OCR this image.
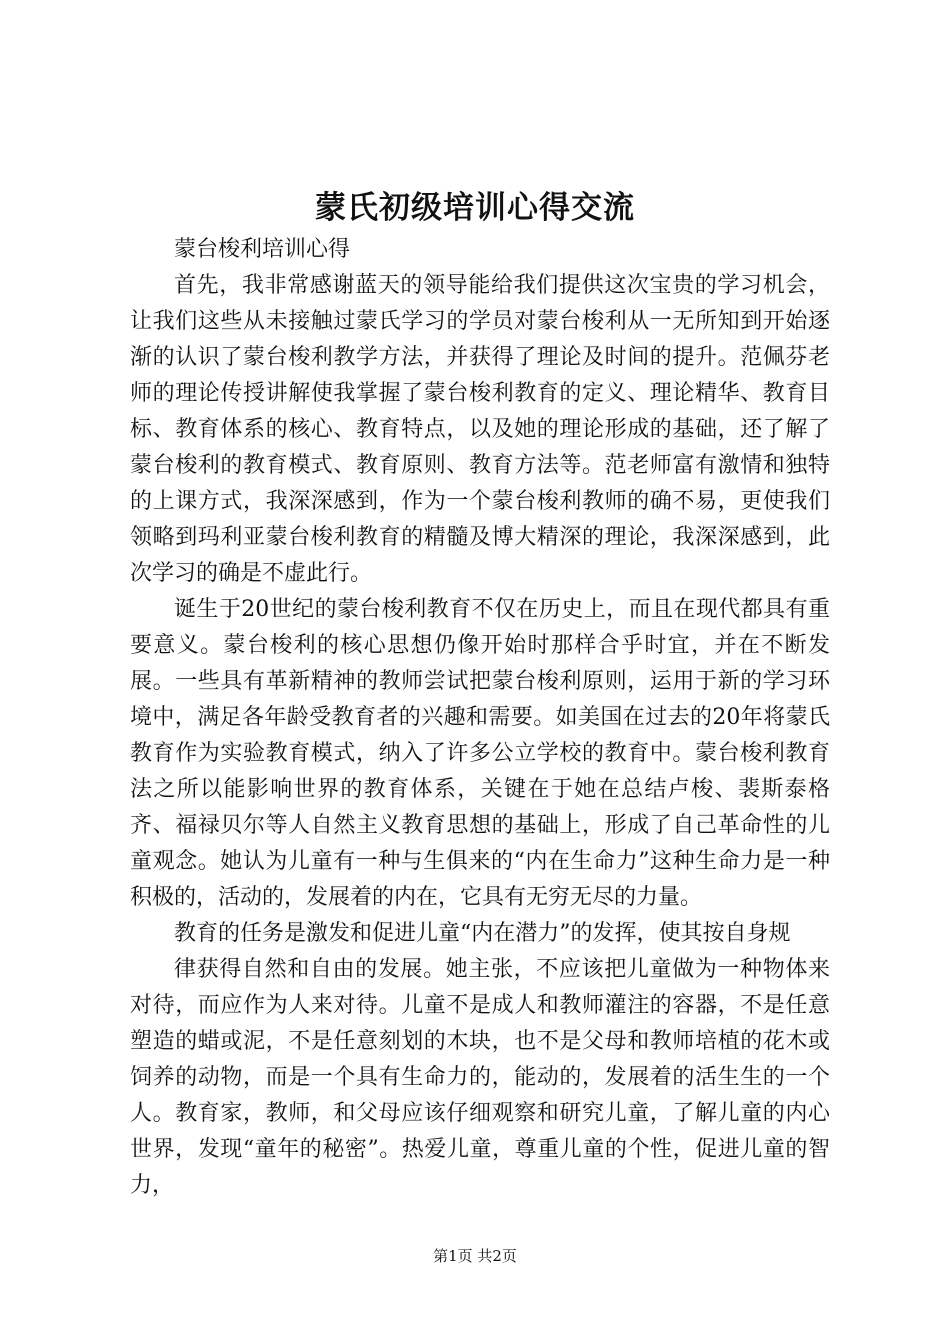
蒙氏初级培训心得交流

蒙台梭利培训心得

首先，我非常感谢蓝天的领导能给我们提供这次宝贵的学习机会，让我们这些从未接触过蒙氏学习的学员对蒙台梭利从一无所知到开始逐渐的认识了蒙台梭利教学方法，并获得了理论及时间的提升。范佩芬老师的理论传授讲解使我掌握了蒙台梭利教育的定义、理论精华、教育目标、教育体系的核心、教育特点，以及她的理论形成的基础，还了解了蒙台梭利的教育模式、教育原则、教育方法等。范老师富有激情和独特的上课方式，我深深感到，作为一个蒙台梭利教师的确不易，更使我们领略到玛利亚蒙台梭利教育的精髓及博大精深的理论，我深深感到，此次学习的确是不虚此行。

诞生于20世纪的蒙台梭利教育不仅在历史上，而且在现代都具有重要意义。蒙台梭利的核心思想仍像开始时那样合乎时宜，并在不断发展。一些具有革新精神的教师尝试把蒙台梭利原则，运用于新的学习环境中，满足各年龄受教育者的兴趣和需要。如美国在过去的20年将蒙氏教育作为实验教育模式，纳入了许多公立学校的教育中。蒙台梭利教育法之所以能影响世界的教育体系，关键在于她在总结卢梭、裴斯泰格齐、福禄贝尔等人自然主义教育思想的基础上，形成了自己革命性的儿童观念。她认为儿童有一种与生俱来的“内在生命力”这种生命力是一种积极的，活动的，发展着的内在，它具有无穷无尽的力量。

教育的任务是激发和促进儿童“内在潜力”的发挥，使其按自身规

律获得自然和自由的发展。她主张，不应该把儿童做为一种物体来对待，而应作为人来对待。儿童不是成人和教师灌注的容器，不是任意塑造的蜡或泥，不是任意刻划的木块，也不是父母和教师培植的花木或饲养的动物，而是一个具有生命力的，能动的，发展着的活生生的一个人。教育家，教师，和父母应该仔细观察和研究儿童，了解儿童的内心世界，发现“童年的秘密”。热爱儿童，尊重儿童的个性，促进儿童的智力，

第1页 共2页
